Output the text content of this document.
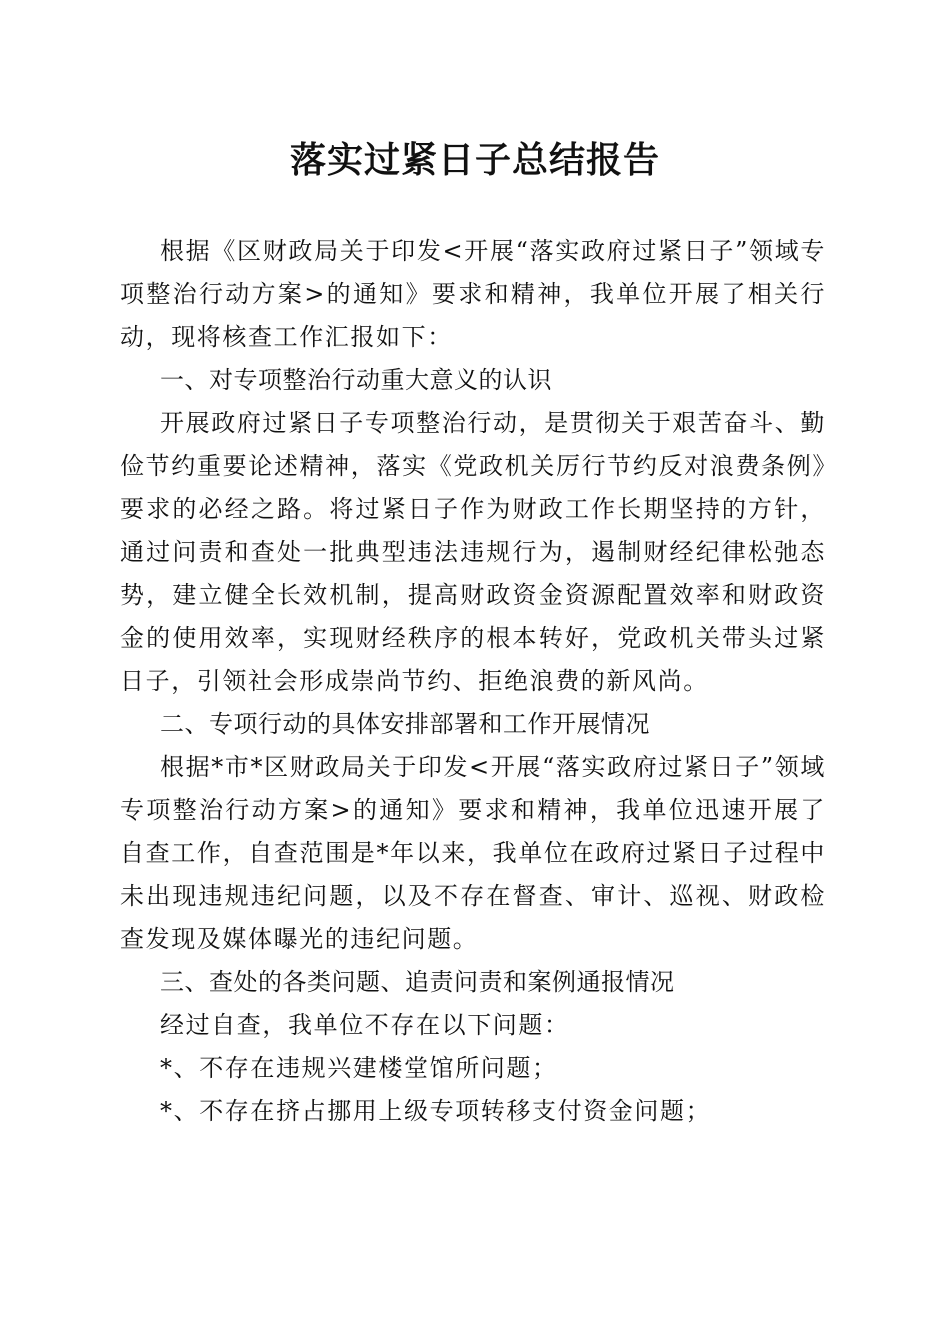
落实过紧日子总结报告

根据《区财政局关于印发<开展“落实政府过紧日子”领域专项整治行动方案>的通知》要求和精神，我单位开展了相关行动，现将核查工作汇报如下：

一、对专项整治行动重大意义的认识

开展政府过紧日子专项整治行动，是贯彻关于艰苦奋斗、勤俭节约重要论述精神，落实《党政机关厉行节约反对浪费条例》要求的必经之路。将过紧日子作为财政工作长期坚持的方针，通过问责和查处一批典型违法违规行为，遏制财经纪律松弛态势，建立健全长效机制，提高财政资金资源配置效率和财政资金的使用效率，实现财经秩序的根本转好，党政机关带头过紧日子，引领社会形成崇尚节约、拒绝浪费的新风尚。

二、专项行动的具体安排部署和工作开展情况

根据*市*区财政局关于印发<开展“落实政府过紧日子”领域专项整治行动方案>的通知》要求和精神，我单位迅速开展了自查工作，自查范围是*年以来，我单位在政府过紧日子过程中未出现违规违纪问题，以及不存在督查、审计、巡视、财政检查发现及媒体曝光的违纪问题。

三、查处的各类问题、追责问责和案例通报情况

经过自查，我单位不存在以下问题：

*、不存在违规兴建楼堂馆所问题；

*、不存在挤占挪用上级专项转移支付资金问题；
